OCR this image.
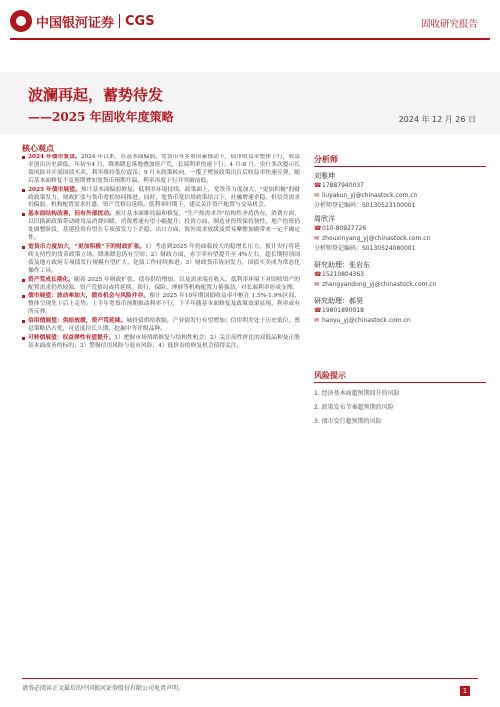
中国银河证券 CGS	固收研究报告
波澜再起，蓄势待发
——2025 年固收年度策略	2024 年 12 月 26 日
核心观点

2024 年债市复盘。2024 年以来，在基本面偏弱、宽货币等多重因素推动下，债市收益率整体下行，收益率创出历史新低。年初至4 月，降准降息落地叠加资产荒，长端利率快速下行；4 月-8 月，央行多次提示长债风险并开展国债买卖，利率维持低位震荡；9 月末政策转向，一揽子增量政策出台后收益率快速反弹，随后基本面修复不及预期叠加宽货币预期升温，利率再度下行并突破前低。

2025 年债市展望。预计基本面偏弱修复，低利率环境持续，政策面上，宽货币力度加大，"更加积极"的财政政策发力，财政扩张与货币宽松协同推进。同时，宽货币宽信用政策组合下，社融增速企稳，但信贷需求仍偏弱，机构配置需求旺盛，资产荒格局延续。低利率时期下，建议关注资产配置与交易机会。

基本面结构改善，但有外部扰动。预计基本面维持温和修复，"生产热需求冷"结构性矛盾仍存。消费方面，以旧换新政策带动耐用品消费回暖，消费增速有望小幅提升；投资方面，制造业投资保持韧性，地产投资仍处调整阶段，基建投资有望在专项债发力下企稳；出口方面，海外需求放缓及贸易摩擦加剧带来一定不确定性。

宽货币力度加大，"更加积极"下的财政扩张。1）考虑到2025 年仍面临较大的稳增长压力，预计央行将延续支持性的货币政策立场，降准降息仍有空间；2）财政方面，赤字率有望提升至 4%左右，超长期特别国债及地方政府专项债发行规模有望扩大，化债工作持续推进；3）财政货币协同发力，国债买卖成为常态化操作工具。

资产荒成长期化。随着 2025 年财政扩张、债券供给增加，以及需求端在收入、低利率环境下对固收资产的配置需求仍然较强，资产荒格局或将延续。银行、保险、理财等机构配置力量强劲，对长端利率形成支撑。

债市展望：波动率加大，债市机会与风险并存。预计 2025 年10年期国债收益率中枢在 1.5%-1.9%区间，整体呈现先下后上走势。上半年宽货币预期推动利率下行，下半年随基本面修复及政策效果显现，利率或有所反弹。

信用债展望：供给放缓，资产荒延续。城投债供给收缩，产业债发行有望增加；信用利差处于历史低位，票息策略仍占优，可适度拉长久期、挖掘中等评级品种。

可转债展望：权益弹性有望提升。1）把握市场情绪修复与结构性机会；2）关注高性价比的双低品种及正股基本面改善的标的；3）警惕信用风险与退市风险；4）低价券的修复机会值得关注。

分析师
刘雅坤
☎ 17887940037
✉ liuyakun_yj@chinastock.com.cn
分析师登记编码：S0130523100001
周欣洋
☎ 010-80927726
✉ zhouxinyang_yj@chinastock.com.cn
分析师登记编码：S0130524080001
研究助理：张岩东
☎ 15210804363
✉ zhangyandong_yj@chinastock.com.cn
研究助理：郝昊
☎ 19801890018
✉ haoyu_yj@chinastock.com.cn
风险提示
1. 经济基本面超预期回升的风险
2. 政策发布节奏超预期的风险
3. 债市发行超预期的风险
请务必阅读正文最后的中国银河证券股份有限公司免责声明。	1
